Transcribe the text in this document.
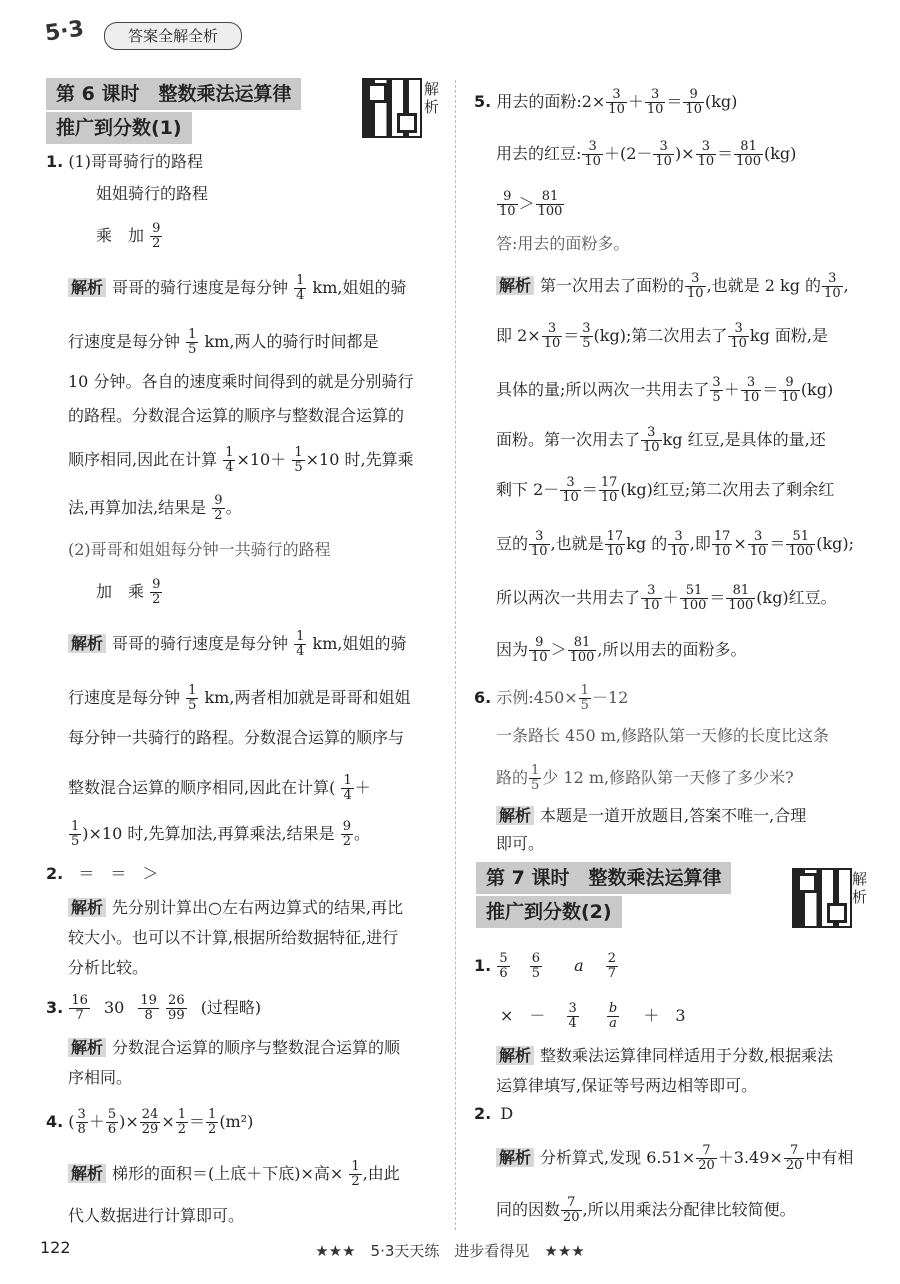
5·3	答案全解全析
第 6 课时　整数乘法运算律
推广到分数(1)
解析
1. (1)哥哥骑行的路程
姐姐骑行的路程
乘　加 $\frac{9}{2}$
解析 哥哥的骑行速度是每分钟 $\frac{1}{4}$ km,姐姐的骑
行速度是每分钟 $\frac{1}{5}$ km,两人的骑行时间都是
10 分钟。各自的速度乘时间得到的就是分别骑行
的路程。分数混合运算的顺序与整数混合运算的
顺序相同,因此在计算 $\frac{1}{4} \times 10+ \frac{1}{5} \times 10$ 时,先算乘
法,再算加法,结果是 $\frac{9}{2}$ 。
(2)哥哥和姐姐每分钟一共骑行的路程
加　乘 $\frac{9}{2}$
解析 哥哥的骑行速度是每分钟 $\frac{1}{4}$ km,姐姐的骑
行速度是每分钟 $\frac{1}{5}$ km,两者相加就是哥哥和姐姐
每分钟一共骑行的路程。分数混合运算的顺序与
整数混合运算的顺序相同,因此在计算( $\frac{1}{4}$ ＋
$\frac{1}{5} )\times 10$ 时,先算加法,再算乘法,结果是 $\frac{9}{2}$ 。
2. ＝　＝　＞
解析 先分别计算出○左右两边算式的结果,再比
较大小。也可以不计算,根据所给数据特征,进行
分析比较。
3. $\frac{16}{7} 30 \frac{19}{8}$
$\frac{26}{99}$ (过程略)
解析 分数混合运算的顺序与整数混合运算的顺
序相同。
4. ( $\frac{3}{8} + \frac{5}{6}$ )× $\frac{24}{29} \times \frac{1}{2} = \frac{1}{2} (m^2)$
解析 梯形的面积＝(上底＋下底)×高× $\frac{1}{2}$ ,由此
代人数据进行计算即可。
5. 用去的面粉:2× $\frac{3}{10} + \frac{3}{10} = \frac{9}{10} (kg)$
用去的红豆: $\frac{3}{10} +(2- \frac{3}{10}$ )× $\frac{3}{10} = \frac{81}{100} (kg)$
$\frac{9}{10} > \frac{81}{100}$
答:用去的面粉多。
解析 第一次用去了面粉的 $\frac{3}{10}$ ,也就是 2 kg 的 $\frac{3}{10}$ ,
即 $2\times \frac{3}{10} = \frac{3}{5} (kg)$;第二次用去了 $\frac{3}{10}$ kg 面粉,是
具体的量;所以两次一共用去了 $\frac{3}{5} + \frac{3}{10} = \frac{9}{10} (kg)$
面粉。第一次用去了 $\frac{3}{10}$ kg 红豆,是具体的量,还
剩下 $2- \frac{3}{10} = \frac{17}{10} (kg)$红豆;第二次用去了剩余红
豆的 $\frac{3}{10}$ ,也就是 $\frac{17}{10}$ kg 的 $\frac{3}{10}$ ,即 $\frac{17}{10} \times \frac{3}{10} = \frac{51}{100} (kg)$;
所以两次一共用去了 $\frac{3}{10} + \frac{51}{100} = \frac{81}{100} (kg)$红豆。
因为 $\frac{9}{10} > \frac{81}{100}$ ,所以用去的面粉多。
6. 示例:450× $\frac{1}{5} -12$
一条路长 450 m,修路队第一天修的长度比这条
路的 $\frac{1}{5}$ 少 12 m,修路队第一天修了多少米?
解析 本题是一道开放题目,答案不唯一,合理
即可。
第 7 课时　整数乘法运算律
推广到分数(2)
解析
1. $\frac{5}{6}$
$\frac{6}{5}$ a $\frac{2}{7}$
×　－ $\frac{3}{4}$
$\frac{b}{a}$ ＋　3
解析 整数乘法运算律同样适用于分数,根据乘法
运算律填写,保证等号两边相等即可。
2. D
解析 分析算式,发现 $6.51\times \frac{7}{20} +3.49\times \frac{7}{20}$ 中有相
同的因数 $\frac{7}{20}$ ,所以用乘法分配律比较简便。
122	★★★　5·3天天练　进步看得见　★★★
